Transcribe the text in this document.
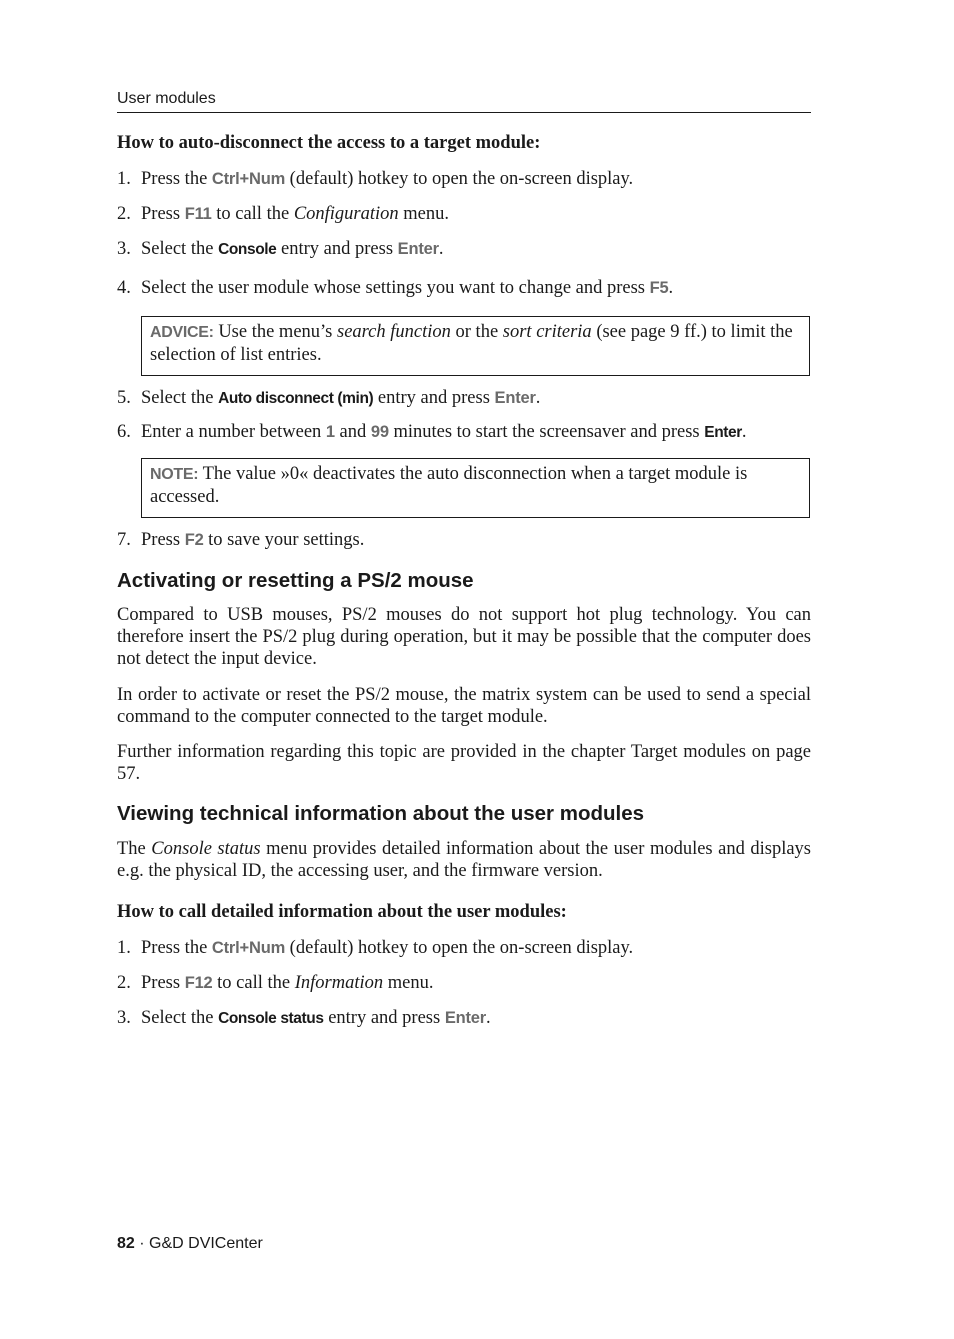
User modules
How to auto-disconnect the access to a target module:
1. Press the Ctrl+Num (default) hotkey to open the on-screen display.
2. Press F11 to call the Configuration menu.
3. Select the Console entry and press Enter.
4. Select the user module whose settings you want to change and press F5.
ADVICE: Use the menu’s search function or the sort criteria (see page 9 ff.) to limit the selection of list entries.
5. Select the Auto disconnect (min) entry and press Enter.
6. Enter a number between 1 and 99 minutes to start the screensaver and press Enter.
NOTE: The value »0« deactivates the auto disconnection when a target module is accessed.
7. Press F2 to save your settings.
Activating or resetting a PS/2 mouse
Compared to USB mouses, PS/2 mouses do not support hot plug technology. You can therefore insert the PS/2 plug during operation, but it may be possible that the computer does not detect the input device.
In order to activate or reset the PS/2 mouse, the matrix system can be used to send a special command to the computer connected to the target module.
Further information regarding this topic are provided in the chapter Target modules on page 57.
Viewing technical information about the user modules
The Console status menu provides detailed information about the user modules and displays e.g. the physical ID, the accessing user, and the firmware version.
How to call detailed information about the user modules:
1. Press the Ctrl+Num (default) hotkey to open the on-screen display.
2. Press F12 to call the Information menu.
3. Select the Console status entry and press Enter.
82 · G&D DVICenter
